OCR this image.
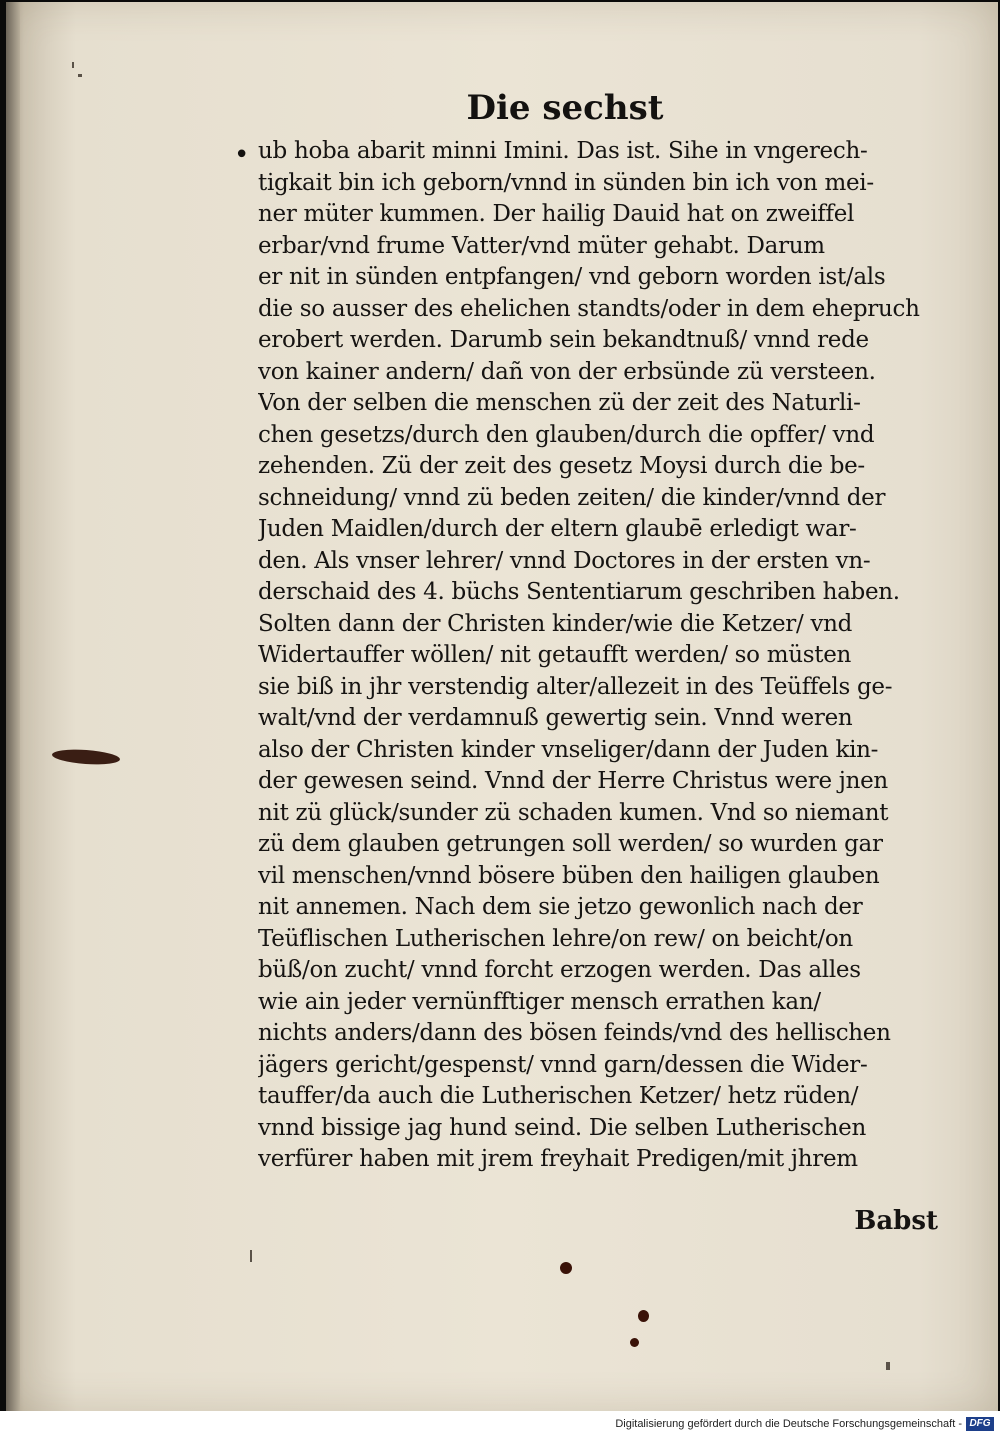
Die sechst
• ub hoba abarit minni Imini. Das ist. Sihe in vngerech-
tigkait bin ich geborn/vnnd in sünden bin ich von mei-
ner müter kummen. Der hailig Dauid hat on zweiffel
erbar/vnd frume Vatter/vnd müter gehabt. Darum
er nit in sünden entpfangen/ vnd geborn worden ist/als
die so ausser des ehelichen standts/oder in dem ehepruch
erobert werden. Darumb sein bekandtnuß/ vnnd rede
von kainer andern/ dañ von der erbsünde zü versteen.
Von der selben die menschen zü der zeit des Naturli-
chen gesetzs/durch den glauben/durch die opffer/ vnd
zehenden. Zü der zeit des gesetz Moysi durch die be-
schneidung/ vnnd zü beden zeiten/ die kinder/vnnd der
Juden Maidlen/durch der eltern glaubē erledigt war-
den. Als vnser lehrer/ vnnd Doctores in der ersten vn-
derschaid des 4. büchs Sententiarum geschriben haben.
Solten dann der Christen kinder/wie die Ketzer/ vnd
Widertauffer wöllen/ nit getaufft werden/ so müsten
sie biß in jhr verstendig alter/allezeit in des Teüffels ge-
walt/vnd der verdamnuß gewertig sein. Vnnd weren
also der Christen kinder vnseliger/dann der Juden kin-
der gewesen seind. Vnnd der Herre Christus were jnen
nit zü glück/sunder zü schaden kumen. Vnd so niemant
zü dem glauben getrungen soll werden/ so wurden gar
vil menschen/vnnd bösere büben den hailigen glauben
nit annemen. Nach dem sie jetzo gewonlich nach der
Teüflischen Lutherischen lehre/on rew/ on beicht/on
büß/on zucht/ vnnd forcht erzogen werden. Das alles
wie ain jeder vernünfftiger mensch errathen kan/
nichts anders/dann des bösen feinds/vnd des hellischen
jägers gericht/gespenst/ vnnd garn/dessen die Wider-
tauffer/da auch die Lutherischen Ketzer/ hetz rüden/
vnnd bissige jag hund seind. Die selben Lutherischen
verfürer haben mit jrem freyhait Predigen/mit jhrem
Babst
Digitalisierung gefördert durch die Deutsche Forschungsgemeinschaft - DFG
